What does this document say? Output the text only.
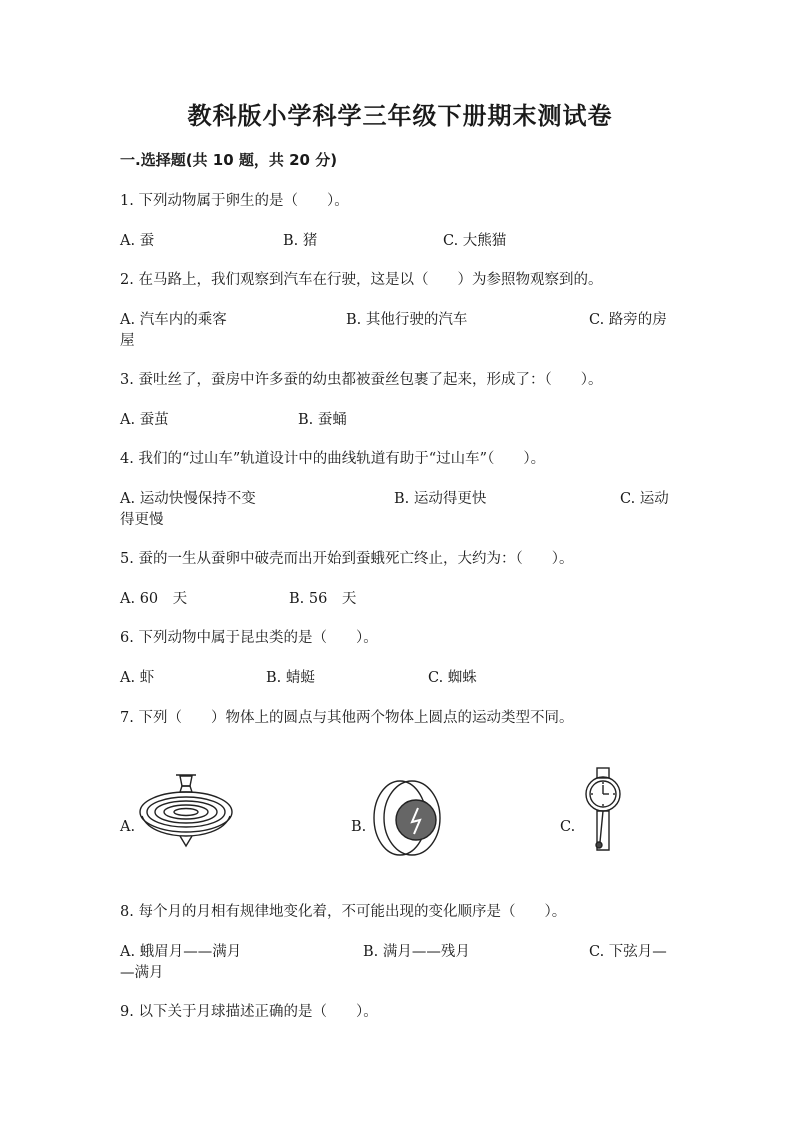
教科版小学科学三年级下册期末测试卷
一.选择题(共 10 题，共 20 分)
1. 下列动物属于卵生的是（　　）。
A. 蚕	B. 猪	C. 大熊猫
2. 在马路上，我们观察到汽车在行驶，这是以（　　）为参照物观察到的。
A. 汽车内的乘客	B. 其他行驶的汽车	C. 路旁的房
屋
3. 蚕吐丝了，蚕房中许多蚕的幼虫都被蚕丝包裹了起来，形成了：（　　）。
A. 蚕茧	B. 蚕蛹
4. 我们的“过山车”轨道设计中的曲线轨道有助于“过山车”（　　）。
A. 运动快慢保持不变	B. 运动得更快	C. 运动
得更慢
5. 蚕的一生从蚕卵中破壳而出开始到蚕蛾死亡终止，大约为：（　　）。
A. 60　天	B. 56　天
6. 下列动物中属于昆虫类的是（　　）。
A. 虾	B. 蜻蜓	C. 蜘蛛
7. 下列（　　）物体上的圆点与其他两个物体上圆点的运动类型不同。
A.	B.	C.
8. 每个月的月相有规律地变化着，不可能出现的变化顺序是（　　）。
A. 蛾眉月——满月	B. 满月——残月	C. 下弦月—
—满月
9. 以下关于月球描述正确的是（　　）。
